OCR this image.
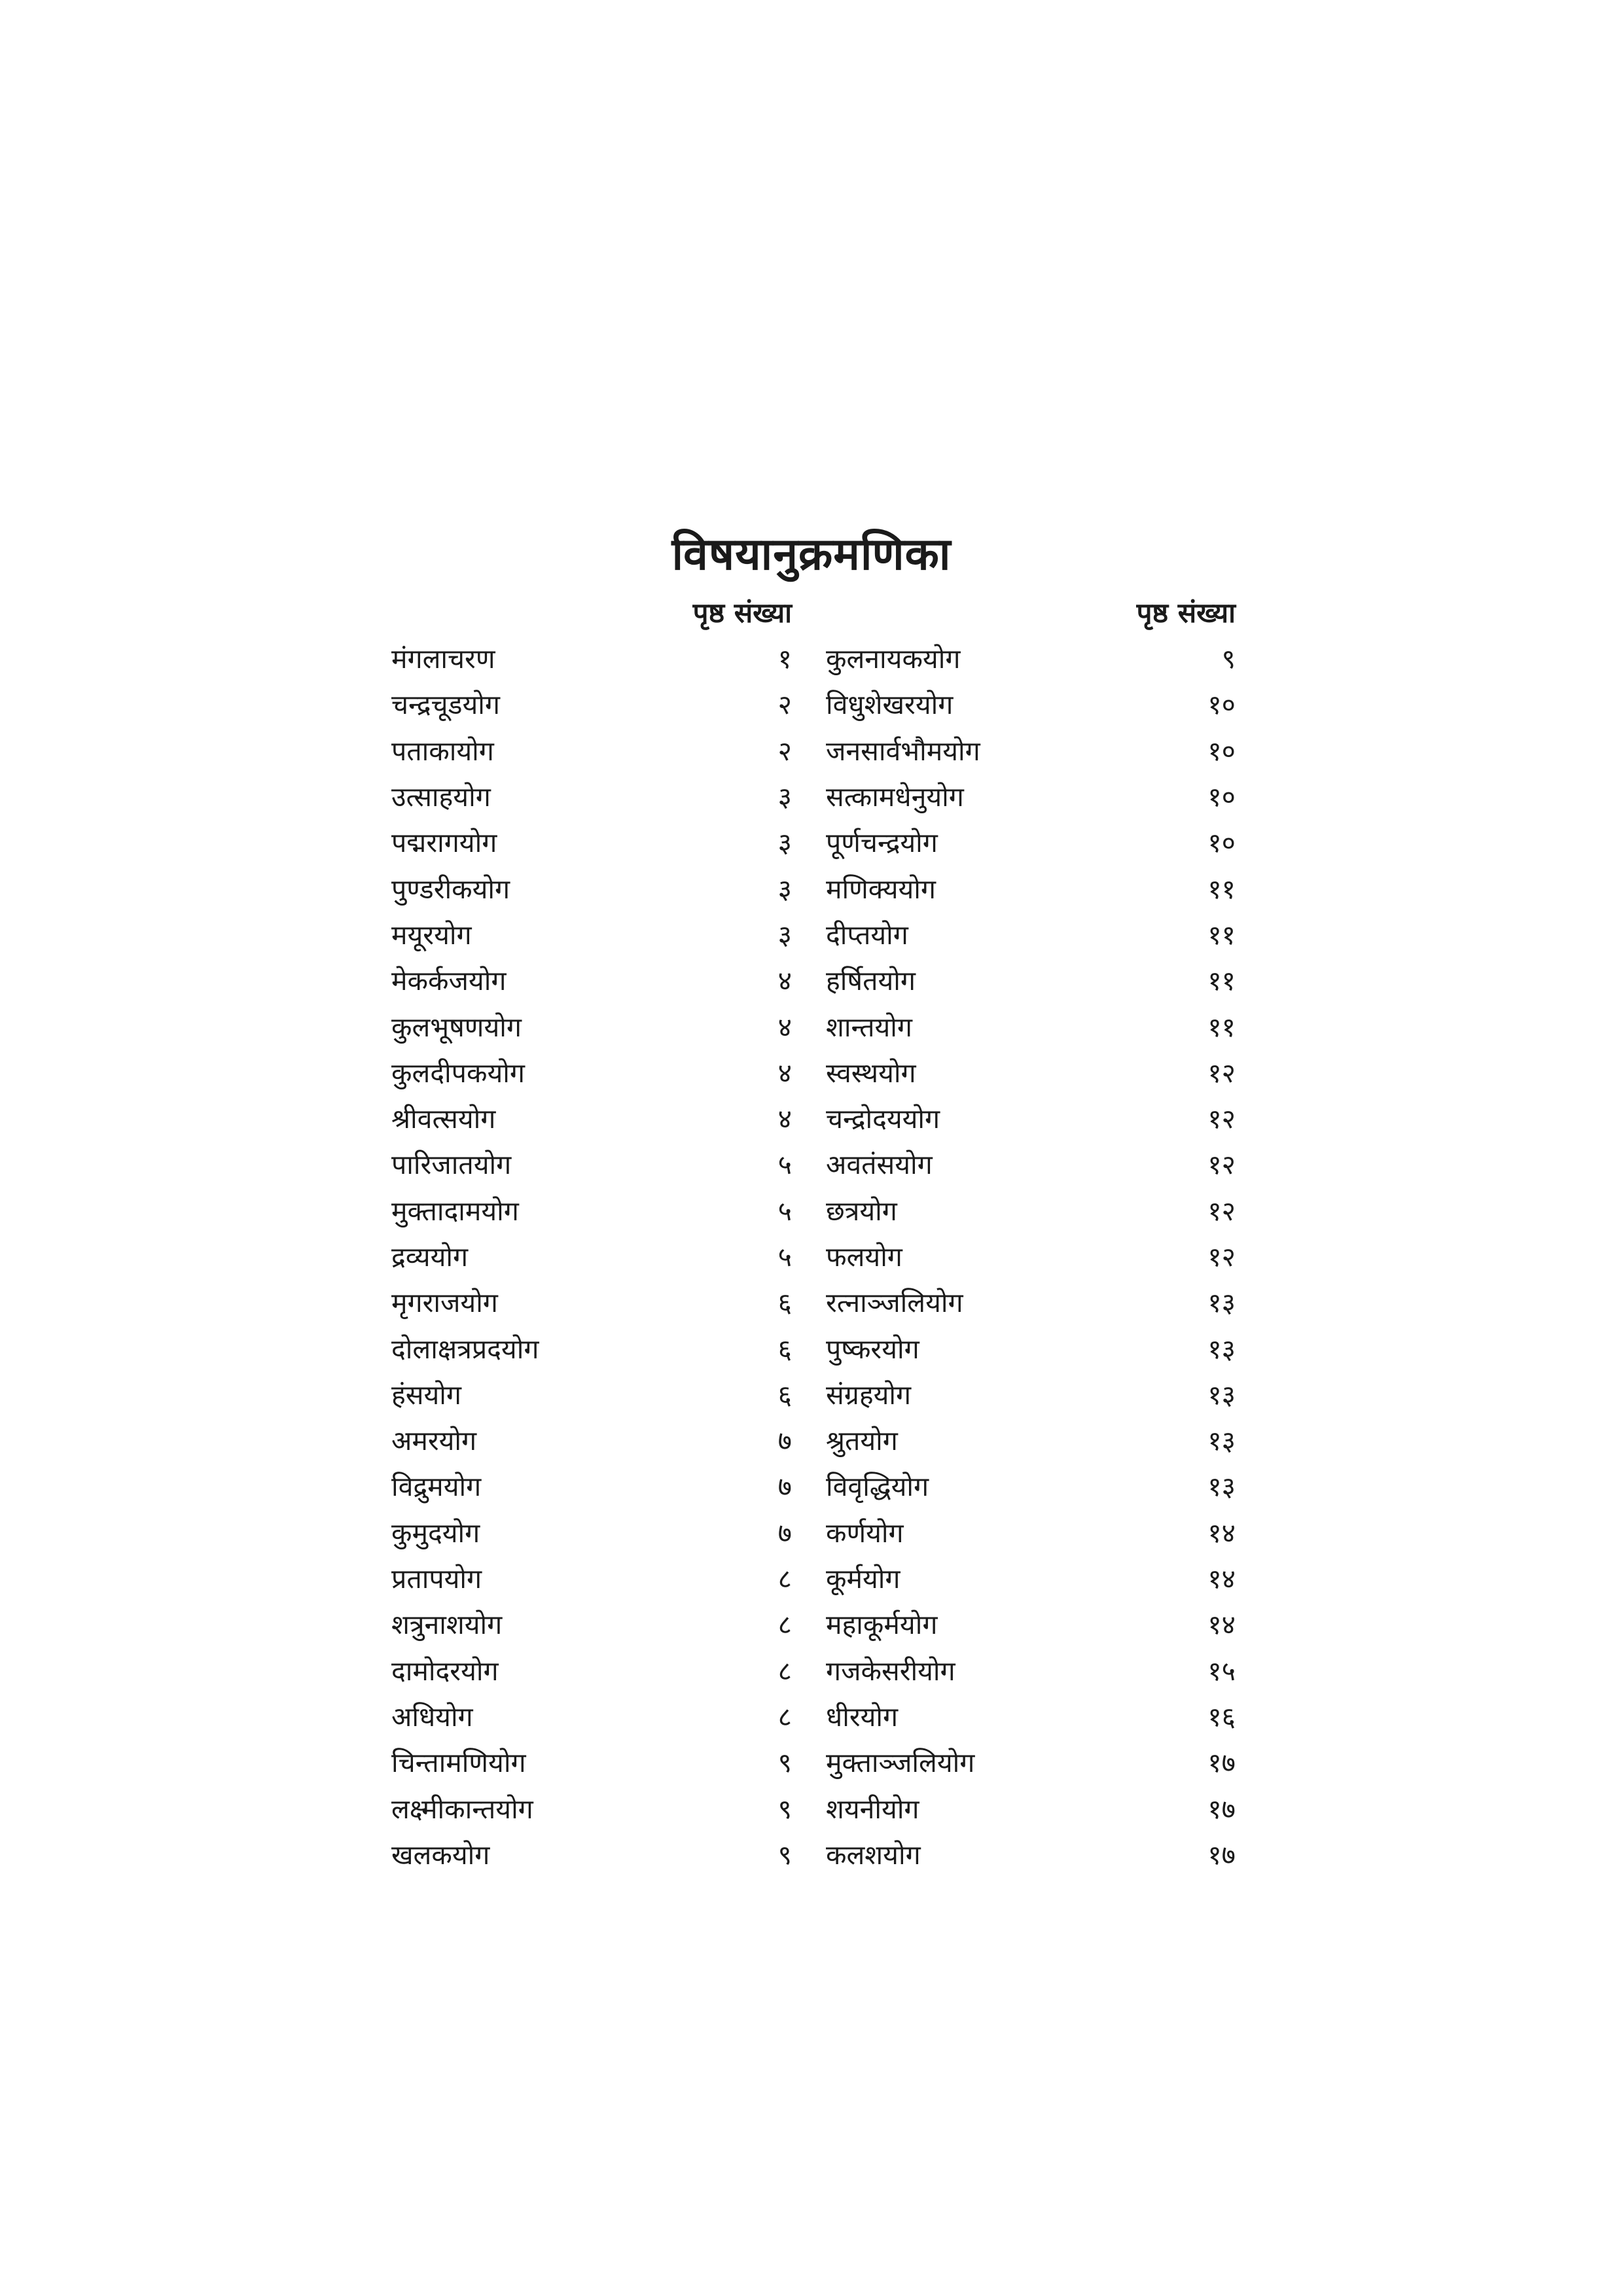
विषयानुक्रमणिका
पृष्ठ संख्या
मंगलाचरण	१
चन्द्रचूडयोग	२
पताकायोग	२
उत्साहयोग	३
पद्मरागयोग	३
पुण्डरीकयोग	३
मयूरयोग	३
मेकर्कजयोग	४
कुलभूषणयोग	४
कुलदीपकयोग	४
श्रीवत्सयोग	४
पारिजातयोग	५
मुक्तादामयोग	५
द्रव्ययोग	५
मृगराजयोग	६
दोलाक्षत्रप्रदयोग	६
हंसयोग	६
अमरयोग	७
विद्रुमयोग	७
कुमुदयोग	७
प्रतापयोग	८
शत्रुनाशयोग	८
दामोदरयोग	८
अधियोग	८
चिन्तामणियोग	९
लक्ष्मीकान्तयोग	९
खलकयोग	९
पृष्ठ संख्या
कुलनायकयोग	९
विधुशेखरयोग	१०
जनसार्वभौमयोग	१०
सत्कामधेनुयोग	१०
पूर्णचन्द्रयोग	१०
मणिक्ययोग	११
दीप्तयोग	११
हर्षितयोग	११
शान्तयोग	११
स्वस्थयोग	१२
चन्द्रोदययोग	१२
अवतंसयोग	१२
छत्रयोग	१२
फलयोग	१२
रत्नाञ्जलियोग	१३
पुष्करयोग	१३
संग्रहयोग	१३
श्रुतयोग	१३
विवृद्धियोग	१३
कर्णयोग	१४
कूर्मयोग	१४
महाकूर्मयोग	१४
गजकेसरीयोग	१५
धीरयोग	१६
मुक्ताञ्जलियोग	१७
शयनीयोग	१७
कलशयोग	१७
